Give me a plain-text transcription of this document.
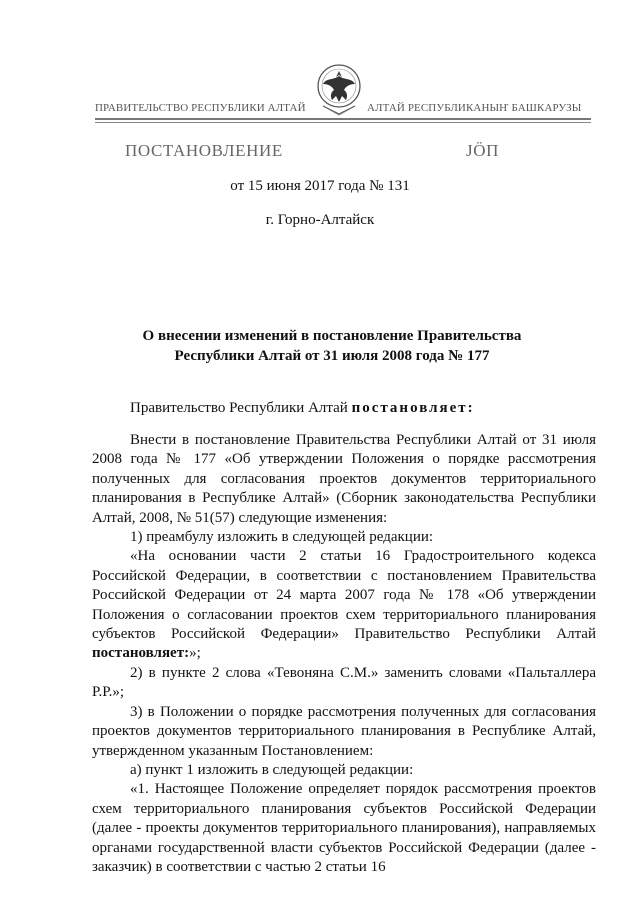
ПРАВИТЕЛЬСТВО РЕСПУБЛИКИ АЛТАЙ	АЛТАЙ РЕСПУБЛИКАНЫҤ БАШКАРУЗЫ
ПОСТАНОВЛЕНИЕ	JӦП
от 15 июня 2017 года № 131
г. Горно-Алтайск
О внесении изменений в постановление Правительства
Республики Алтай от 31 июля 2008 года № 177
Правительство Республики Алтай постановляет:

Внести в постановление Правительства Республики Алтай от 31 июля 2008 года № 177 «Об утверждении Положения о порядке рассмотрения полученных для согласования проектов документов территориального планирования в Республике Алтай» (Сборник законодательства Республики Алтай, 2008, № 51(57) следующие изменения:

1) преамбулу изложить в следующей редакции:

«На основании части 2 статьи 16 Градостроительного кодекса Российской Федерации, в соответствии с постановлением Правительства Российской Федерации от 24 марта 2007 года № 178 «Об утверждении Положения о согласовании проектов схем территориального планирования субъектов Российской Федерации» Правительство Республики Алтай постановляет:»;

2) в пункте 2 слова «Тевоняна С.М.» заменить словами «Пальталлера Р.Р.»;

3) в Положении о порядке рассмотрения полученных для согласования проектов документов территориального планирования в Республике Алтай, утвержденном указанным Постановлением:

а) пункт 1 изложить в следующей редакции:

«1. Настоящее Положение определяет порядок рассмотрения проектов схем территориального планирования субъектов Российской Федерации (далее - проекты документов территориального планирования), направляемых органами государственной власти субъектов Российской Федерации (далее - заказчик) в соответствии с частью 2 статьи 16
